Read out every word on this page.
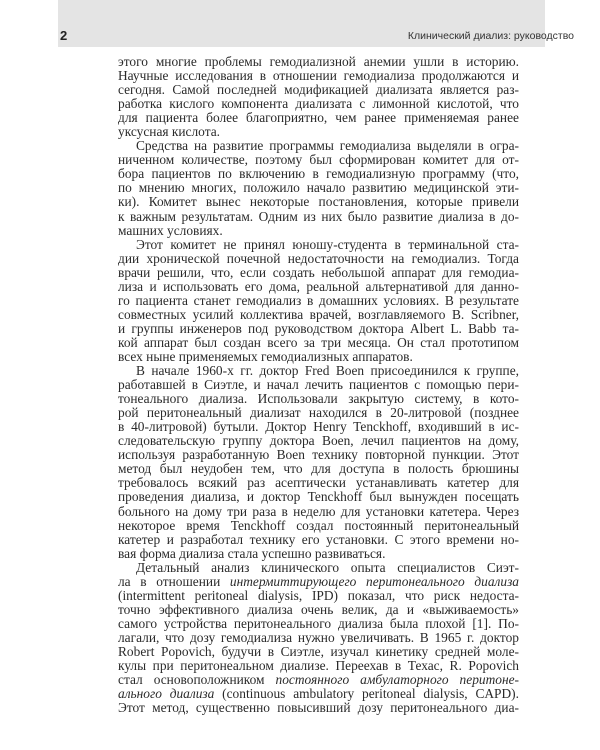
2	Клинический диализ: руководство
этого многие проблемы гемодиализной анемии ушли в историю.
Научные исследования в отношении гемодиализа продолжаются и
сегодня. Самой последней модификацией диализата является раз-
работка кислого компонента диализата с лимонной кислотой, что
для пациента более благоприятно, чем ранее применяемая ранее
уксусная кислота.
Средства на развитие программы гемодиализа выделяли в огра-
ниченном количестве, поэтому был сформирован комитет для от-
бора пациентов по включению в гемодиализную программу (что,
по мнению многих, положило начало развитию медицинской эти-
ки). Комитет вынес некоторые постановления, которые привели
к важным результатам. Одним из них было развитие диализа в до-
машних условиях.
Этот комитет не принял юношу-студента в терминальной ста-
дии хронической почечной недостаточности на гемодиализ. Тогда
врачи решили, что, если создать небольшой аппарат для гемодиа-
лиза и использовать его дома, реальной альтернативой для данно-
го пациента станет гемодиализ в домашних условиях. В результате
совместных усилий коллектива врачей, возглавляемого B. Scribner,
и группы инженеров под руководством доктора Albert L. Babb та-
кой аппарат был создан всего за три месяца. Он стал прототипом
всех ныне применяемых гемодиализных аппаратов.
В начале 1960-х гг. доктор Fred Boen присоединился к группе,
работавшей в Сиэтле, и начал лечить пациентов с помощью пери-
тонеального диализа. Использовали закрытую систему, в кото-
рой перитонеальный диализат находился в 20-литровой (позднее
в 40-литровой) бутыли. Доктор Henry Tenckhoff, входивший в ис-
следовательскую группу доктора Boen, лечил пациентов на дому,
используя разработанную Boen технику повторной пункции. Этот
метод был неудобен тем, что для доступа в полость брюшины
требовалось всякий раз асептически устанавливать катетер для
проведения диализа, и доктор Tenckhoff был вынужден посещать
больного на дому три раза в неделю для установки катетера. Через
некоторое время Tenckhoff создал постоянный перитонеальный
катетер и разработал технику его установки. С этого времени но-
вая форма диализа стала успешно развиваться.
Детальный анализ клинического опыта специалистов Сиэт-
ла в отношении интермиттирующего перитонеального диализа
(intermittent peritoneal dialysis, IPD) показал, что риск недоста-
точно эффективного диализа очень велик, да и «выживаемость»
самого устройства перитонеального диализа была плохой [1]. По-
лагали, что дозу гемодиализа нужно увеличивать. В 1965 г. доктор
Robert Popovich, будучи в Сиэтле, изучал кинетику средней моле-
кулы при перитонеальном диализе. Переехав в Техас, R. Popovich
стал основоположником постоянного амбулаторного перитоне-
ального диализа (continuous ambulatory peritoneal dialysis, CAPD).
Этот метод, существенно повысивший дозу перитонеального диа-
